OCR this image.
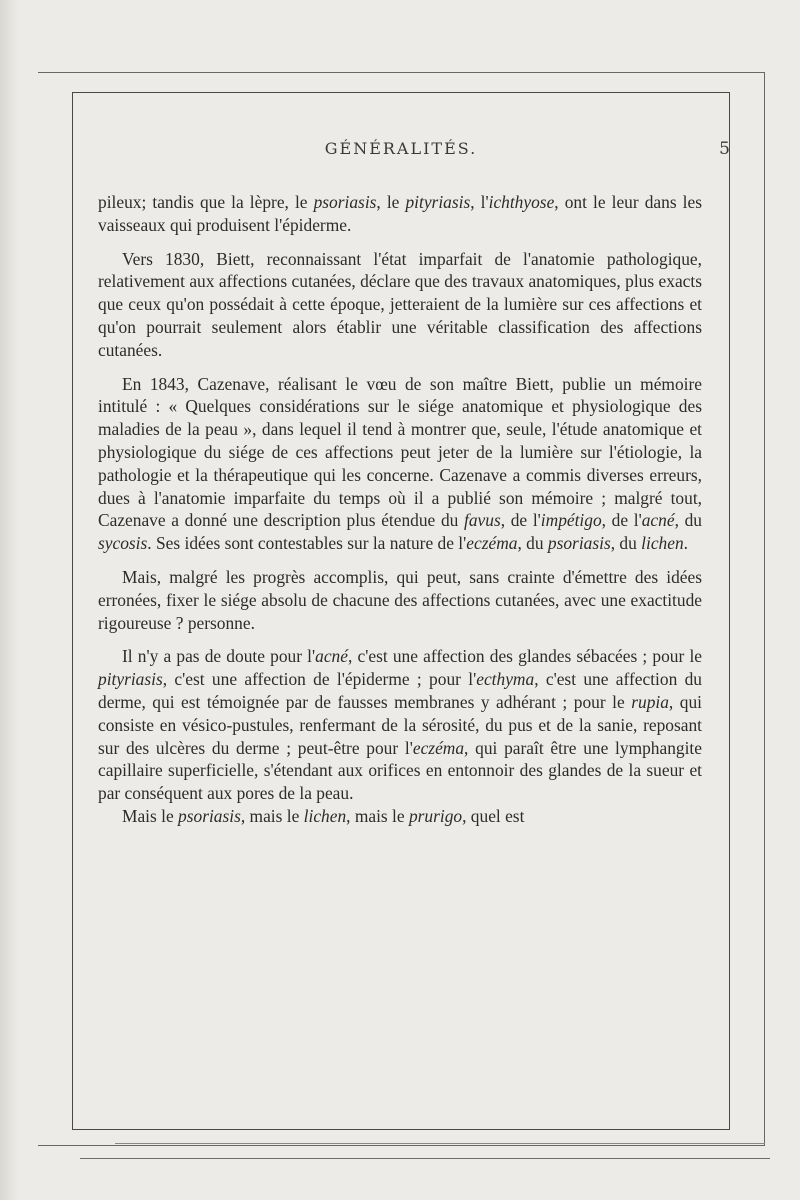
GÉNÉRALITÉS.	5

pileux; tandis que la lèpre, le psoriasis, le pityriasis, l'ichthyose, ont le leur dans les vaisseaux qui produisent l'épiderme.

Vers 1830, Biett, reconnaissant l'état imparfait de l'anatomie pathologique, relativement aux affections cutanées, déclare que des travaux anatomiques, plus exacts que ceux qu'on possédait à cette époque, jetteraient de la lumière sur ces affections et qu'on pourrait seulement alors établir une véritable classification des affections cutanées.

En 1843, Cazenave, réalisant le vœu de son maître Biett, publie un mémoire intitulé : « Quelques considérations sur le siége anatomique et physiologique des maladies de la peau », dans lequel il tend à montrer que, seule, l'étude anatomique et physiologique du siége de ces affections peut jeter de la lumière sur l'étiologie, la pathologie et la thérapeutique qui les concerne. Cazenave a commis diverses erreurs, dues à l'anatomie imparfaite du temps où il a publié son mémoire ; malgré tout, Cazenave a donné une description plus étendue du favus, de l'impétigo, de l'acné, du sycosis. Ses idées sont contestables sur la nature de l'eczéma, du psoriasis, du lichen.

Mais, malgré les progrès accomplis, qui peut, sans crainte d'émettre des idées erronées, fixer le siége absolu de chacune des affections cutanées, avec une exactitude rigoureuse ? personne.

Il n'y a pas de doute pour l'acné, c'est une affection des glandes sébacées ; pour le pityriasis, c'est une affection de l'épiderme ; pour l'ecthyma, c'est une affection du derme, qui est témoignée par de fausses membranes y adhérant ; pour le rupia, qui consiste en vésico-pustules, renfermant de la sérosité, du pus et de la sanie, reposant sur des ulcères du derme ; peut-être pour l'eczéma, qui paraît être une lymphangite capillaire superficielle, s'étendant aux orifices en entonnoir des glandes de la sueur et par conséquent aux pores de la peau.

Mais le psoriasis, mais le lichen, mais le prurigo, quel est
